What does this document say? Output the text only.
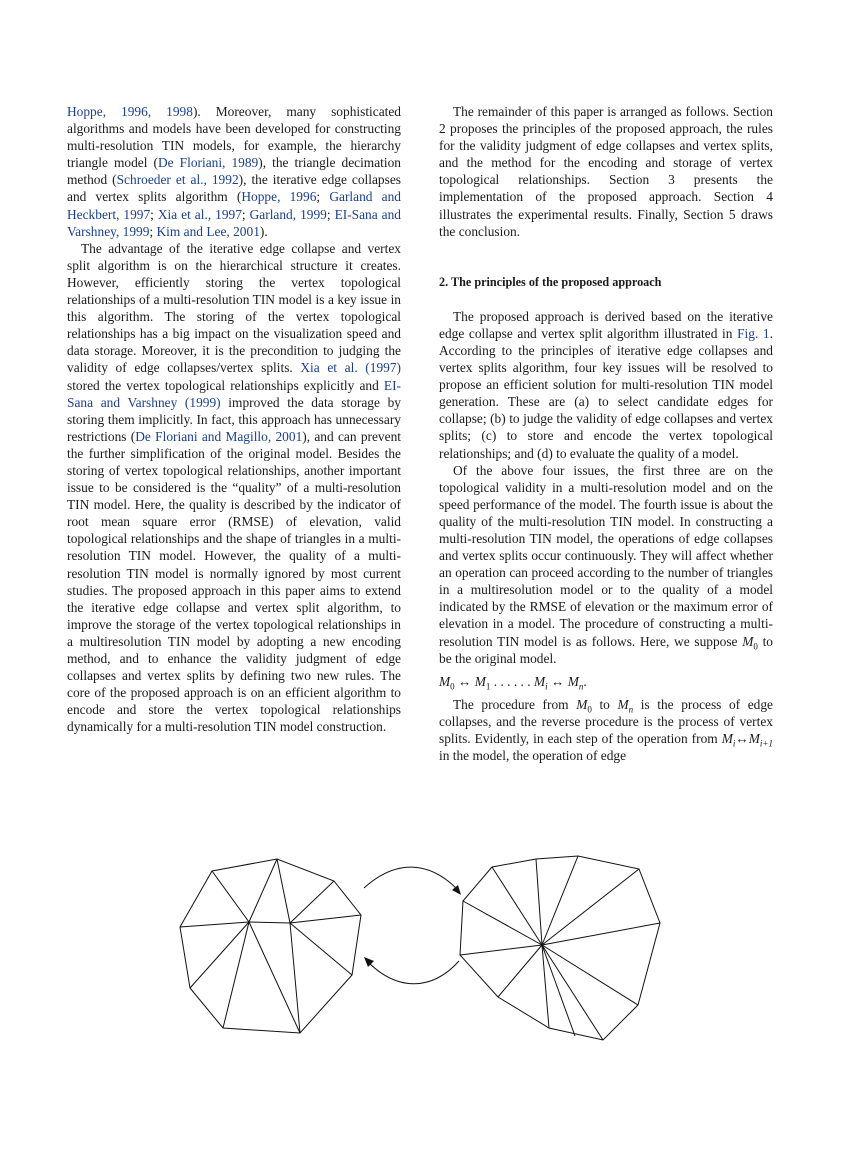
Hoppe, 1996, 1998). Moreover, many sophisticated algorithms and models have been developed for constructing multi-resolution TIN models, for example, the hierarchy triangle model (De Floriani, 1989), the triangle decimation method (Schroeder et al., 1992), the iterative edge collapses and vertex splits algorithm (Hoppe, 1996; Garland and Heckbert, 1997; Xia et al., 1997; Garland, 1999; EI-Sana and Varshney, 1999; Kim and Lee, 2001).

The advantage of the iterative edge collapse and vertex split algorithm is on the hierarchical structure it creates. However, efficiently storing the vertex topological relationships of a multi-resolution TIN model is a key issue in this algorithm. The storing of the vertex topological relationships has a big impact on the visualization speed and data storage. Moreover, it is the precondition to judging the validity of edge collapses/vertex splits. Xia et al. (1997) stored the vertex topological relationships explicitly and EI-Sana and Varshney (1999) improved the data storage by storing them implicitly. In fact, this approach has unnecessary restrictions (De Floriani and Magillo, 2001), and can prevent the further simplification of the original model. Besides the storing of vertex topological relationships, another important issue to be considered is the “quality” of a multi-resolution TIN model. Here, the quality is described by the indicator of root mean square error (RMSE) of elevation, valid topological relationships and the shape of triangles in a multi-resolution TIN model. However, the quality of a multi-resolution TIN model is normally ignored by most current studies. The proposed approach in this paper aims to extend the iterative edge collapse and vertex split algorithm, to improve the storage of the vertex topological relationships in a multiresolution TIN model by adopting a new encoding method, and to enhance the validity judgment of edge collapses and vertex splits by defining two new rules. The core of the proposed approach is on an efficient algorithm to encode and store the vertex topological relationships dynamically for a multi-resolution TIN model construction.

The remainder of this paper is arranged as follows. Section 2 proposes the principles of the proposed approach, the rules for the validity judgment of edge collapses and vertex splits, and the method for the encoding and storage of vertex topological relationships. Section 3 presents the implementation of the proposed approach. Section 4 illustrates the experimental results. Finally, Section 5 draws the conclusion.

2. The principles of the proposed approach

The proposed approach is derived based on the iterative edge collapse and vertex split algorithm illustrated in Fig. 1. According to the principles of iterative edge collapses and vertex splits algorithm, four key issues will be resolved to propose an efficient solution for multi-resolution TIN model generation. These are (a) to select candidate edges for collapse; (b) to judge the validity of edge collapses and vertex splits; (c) to store and encode the vertex topological relationships; and (d) to evaluate the quality of a model.

Of the above four issues, the first three are on the topological validity in a multi-resolution model and on the speed performance of the model. The fourth issue is about the quality of the multi-resolution TIN model. In constructing a multi-resolution TIN model, the operations of edge collapses and vertex splits occur continuously. They will affect whether an operation can proceed according to the number of triangles in a multiresolution model or to the quality of a model indicated by the RMSE of elevation or the maximum error of elevation in a model. The procedure of constructing a multi-resolution TIN model is as follows. Here, we suppose $M_0$ to be the original model.

$M_0$ ↔ $M_1$ . . . . . . $M_i$ ↔ $M_n$.

The procedure from $M_0$ to $M_n$ is the process of edge collapses, and the reverse procedure is the process of vertex splits. Evidently, in each step of the operation from $M_i\leftrightarrow M_{i+1}$ in the model, the operation of edge
